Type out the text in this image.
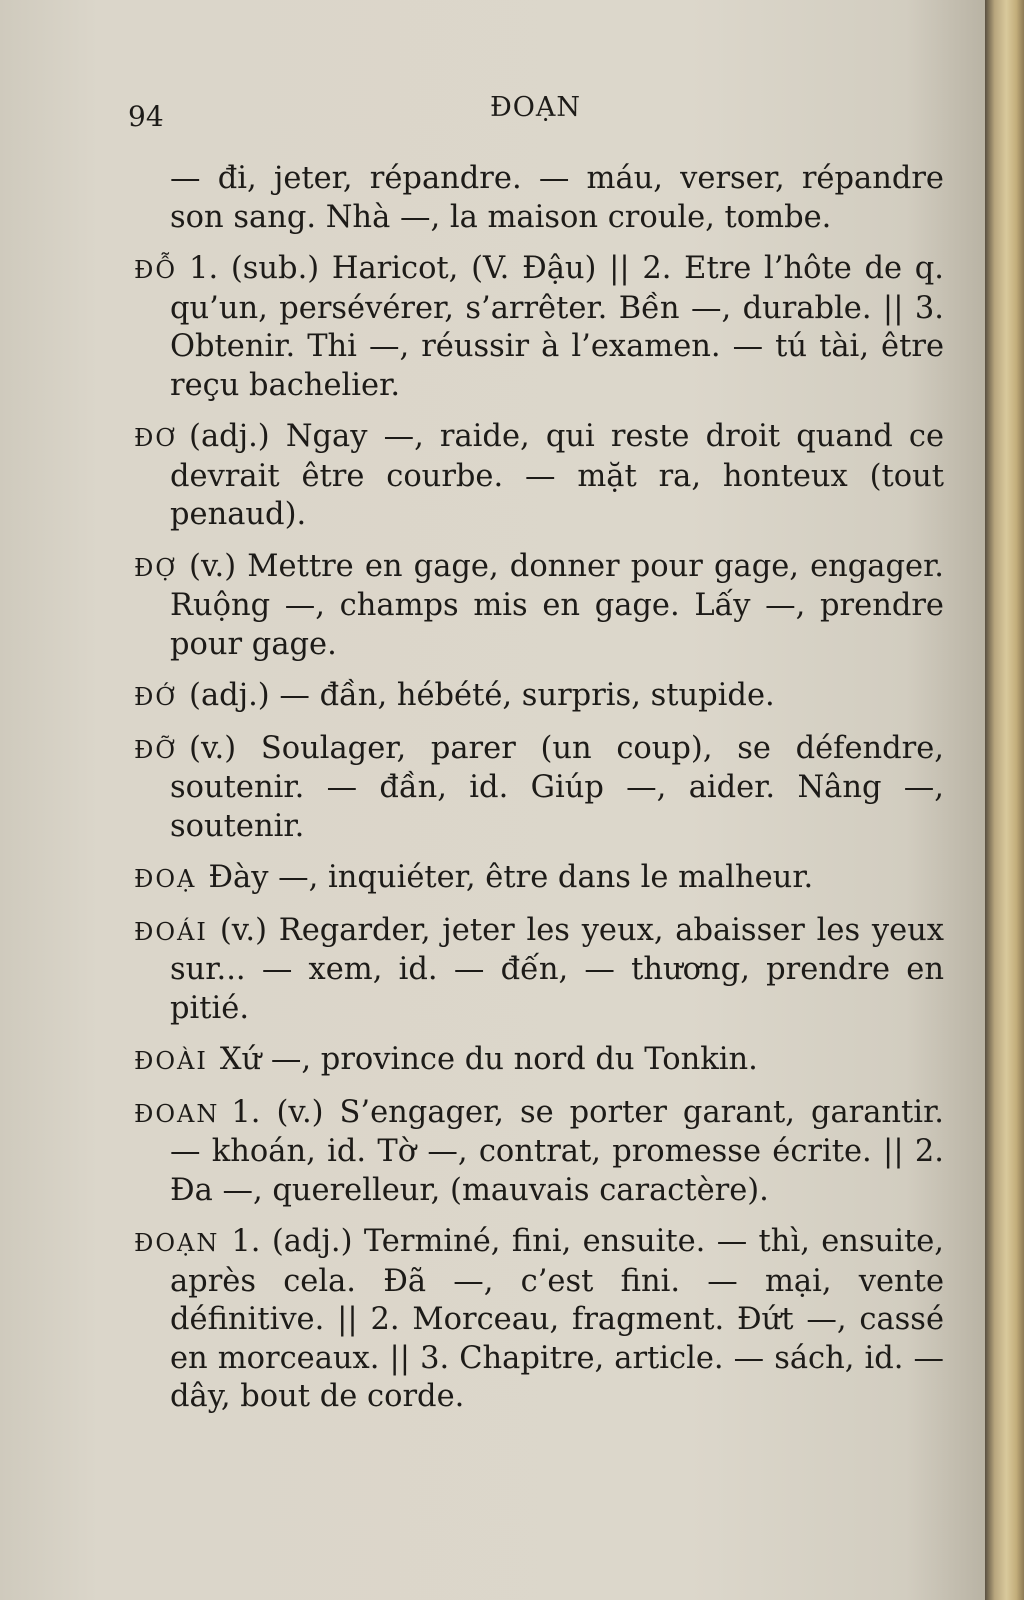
94	ĐOẠN

— đi, jeter, répandre. — máu, verser, répandre son sang. Nhà —, la maison croule, tombe.

ĐỖ 1. (sub.) Haricot, (V. Đậu) || 2. Etre l’hôte de q. qu’un, persévérer, s’arrêter. Bền —, durable. || 3. Obtenir. Thi —, réussir à l’examen. — tú tài, être reçu bachelier.

ĐƠ (adj.) Ngay —, raide, qui reste droit quand ce devrait être courbe. — mặt ra, honteux (tout penaud).

ĐỢ (v.) Mettre en gage, donner pour gage, engager. Ruộng —, champs mis en gage. Lấy —, prendre pour gage.

ĐỚ (adj.) — đần, hébété, surpris, stupide.

ĐỠ (v.) Soulager, parer (un coup), se défendre, soutenir. — đần, id. Giúp —, aider. Nâng —, soutenir.

ĐOẠ Đày —, inquiéter, être dans le malheur.

ĐOÁI (v.) Regarder, jeter les yeux, abaisser les yeux sur... — xem, id. — đến, — thương, prendre en pitié.

ĐOÀI Xứ —, province du nord du Tonkin.

ĐOAN 1. (v.) S’engager, se porter garant, garantir. — khoán, id. Tờ —, contrat, promesse écrite. || 2. Đa —, querelleur, (mauvais caractère).

ĐOẠN 1. (adj.) Terminé, fini, ensuite. — thì, ensuite, après cela. Đã —, c’est fini. — mại, vente définitive. || 2. Morceau, fragment. Đứt —, cassé en morceaux. || 3. Chapitre, article. — sách, id. — dây, bout de corde.
